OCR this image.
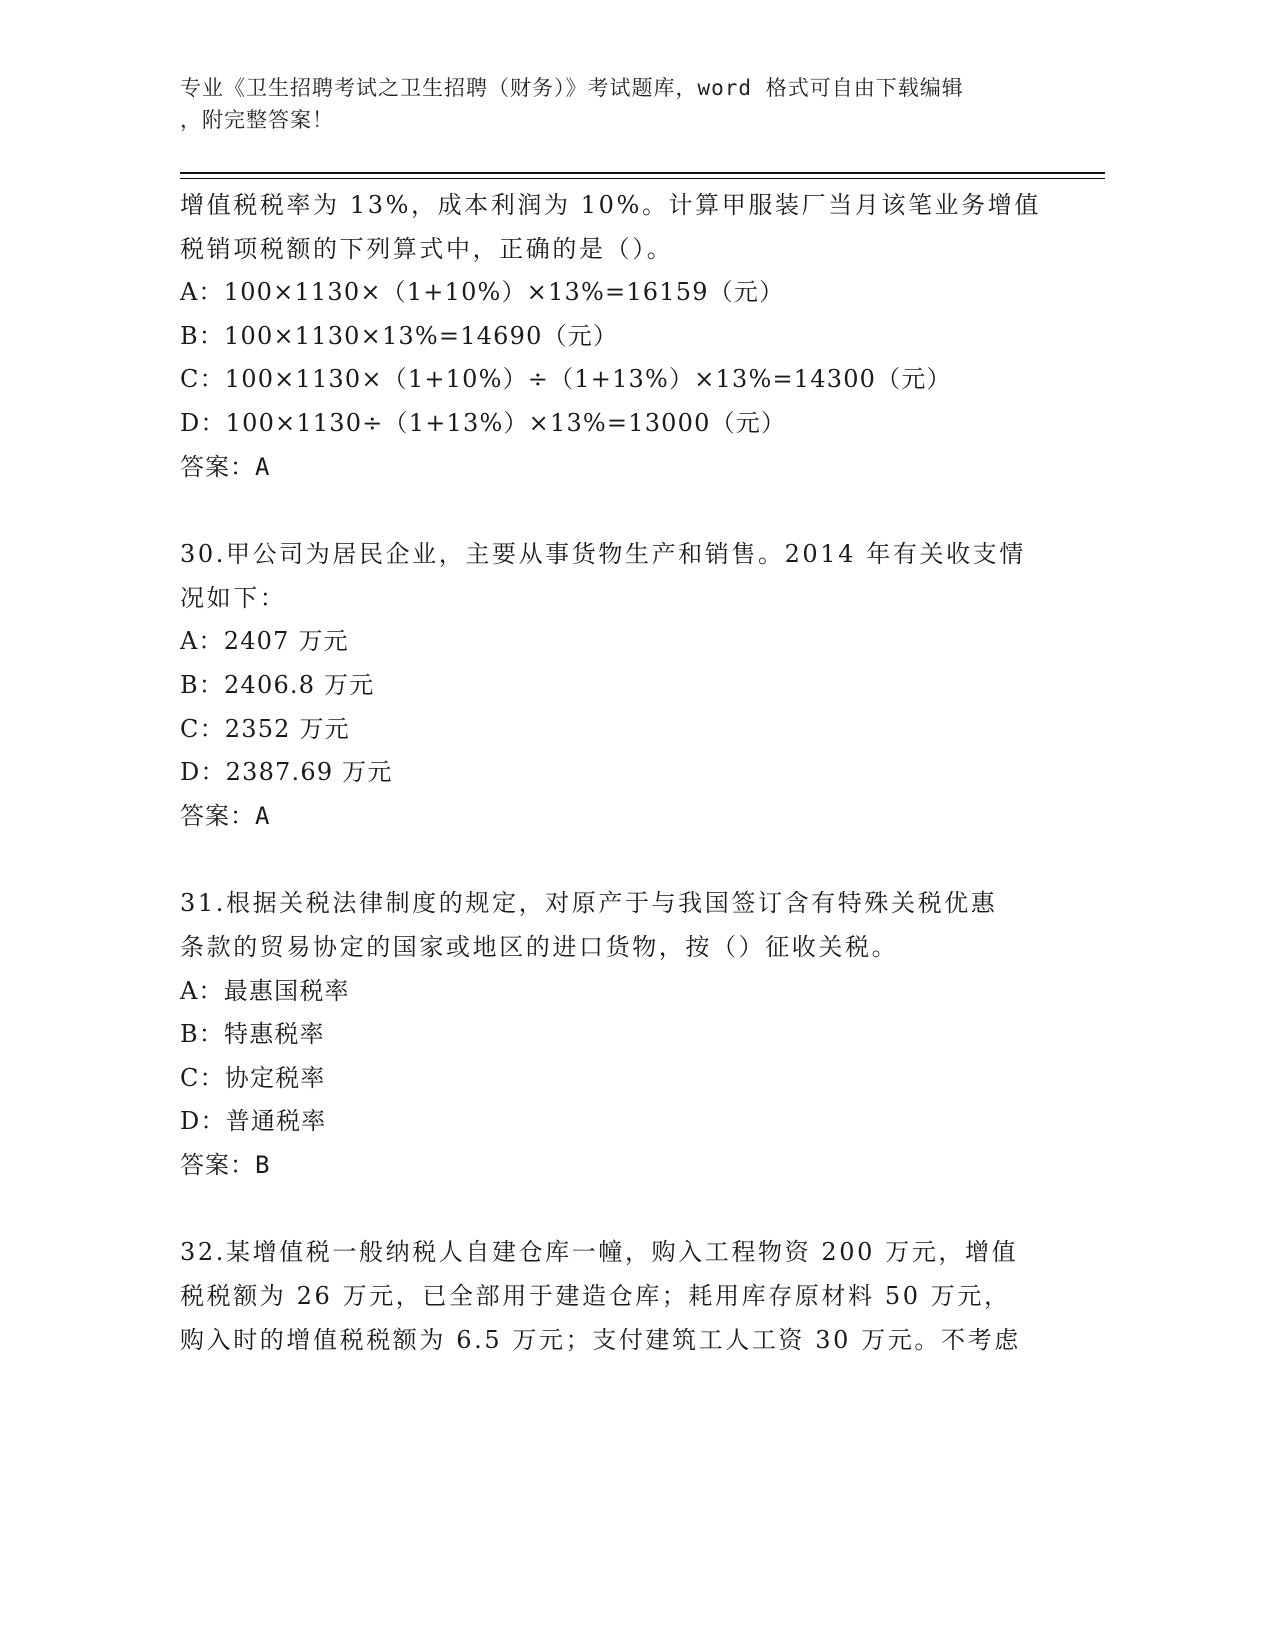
专业《卫生招聘考试之卫生招聘（财务）》考试题库，word 格式可自由下载编辑
，附完整答案！
增值税税率为 13%，成本利润为 10%。计算甲服装厂当月该笔业务增值
税销项税额的下列算式中，正确的是（）。
A：100×1130×（1+10%）×13%=16159（元）
B：100×1130×13%=14690（元）
C：100×1130×（1+10%）÷（1+13%）×13%=14300（元）
D：100×1130÷（1+13%）×13%=13000（元）
答案：A
30.甲公司为居民企业，主要从事货物生产和销售。2014 年有关收支情
况如下：
A：2407 万元
B：2406.8 万元
C：2352 万元
D：2387.69 万元
答案：A
31.根据关税法律制度的规定，对原产于与我国签订含有特殊关税优惠
条款的贸易协定的国家或地区的进口货物，按（）征收关税。
A：最惠国税率
B：特惠税率
C：协定税率
D：普通税率
答案：B
32.某增值税一般纳税人自建仓库一幢，购入工程物资 200 万元，增值
税税额为 26 万元，已全部用于建造仓库；耗用库存原材料 50 万元，
购入时的增值税税额为 6.5 万元；支付建筑工人工资 30 万元。不考虑
